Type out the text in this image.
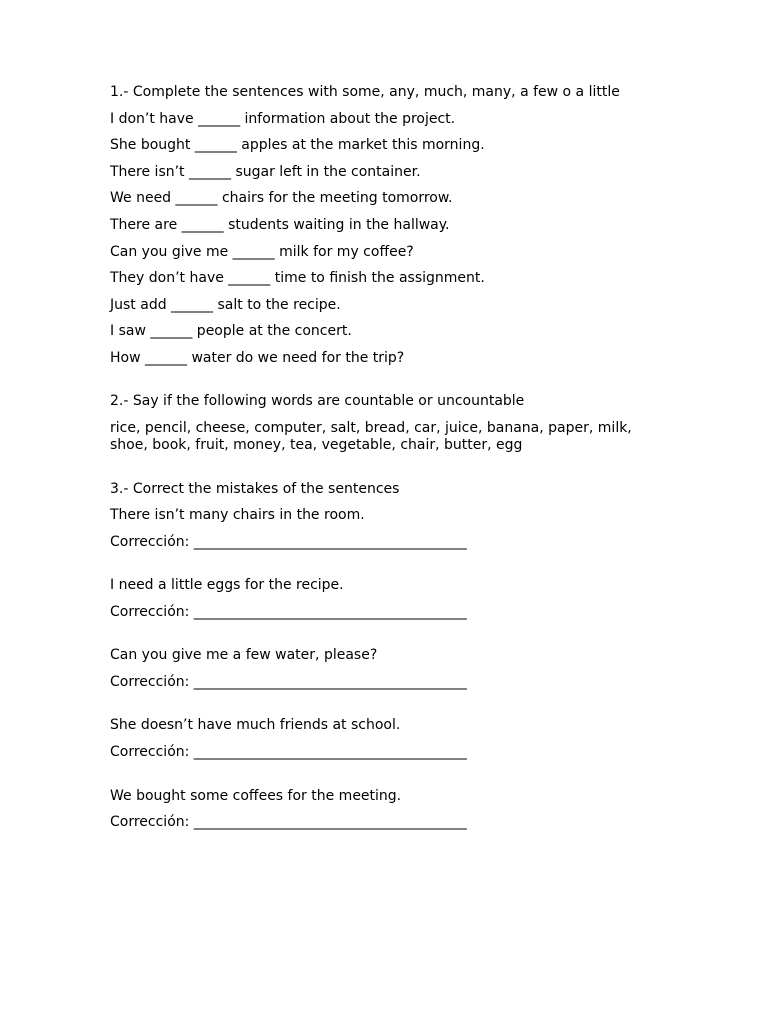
1.- Complete the sentences with some, any, much, many, a few o a little
I don’t have ______ information about the project.
She bought ______ apples at the market this morning.
There isn’t ______ sugar left in the container.
We need ______ chairs for the meeting tomorrow.
There are ______ students waiting in the hallway.
Can you give me ______ milk for my coffee?
They don’t have ______ time to finish the assignment.
Just add ______ salt to the recipe.
I saw ______ people at the concert.
How ______ water do we need for the trip?
2.- Say if the following words are countable or uncountable
rice, pencil, cheese, computer, salt, bread, car, juice, banana, paper, milk, shoe, book, fruit, money, tea, vegetable, chair, butter, egg
3.- Correct the mistakes of the sentences
There isn’t many chairs in the room.
Corrección: _______________________________________
I need a little eggs for the recipe.
Corrección: _______________________________________
Can you give me a few water, please?
Corrección: _______________________________________
She doesn’t have much friends at school.
Corrección: _______________________________________
We bought some coffees for the meeting.
Corrección: _______________________________________
